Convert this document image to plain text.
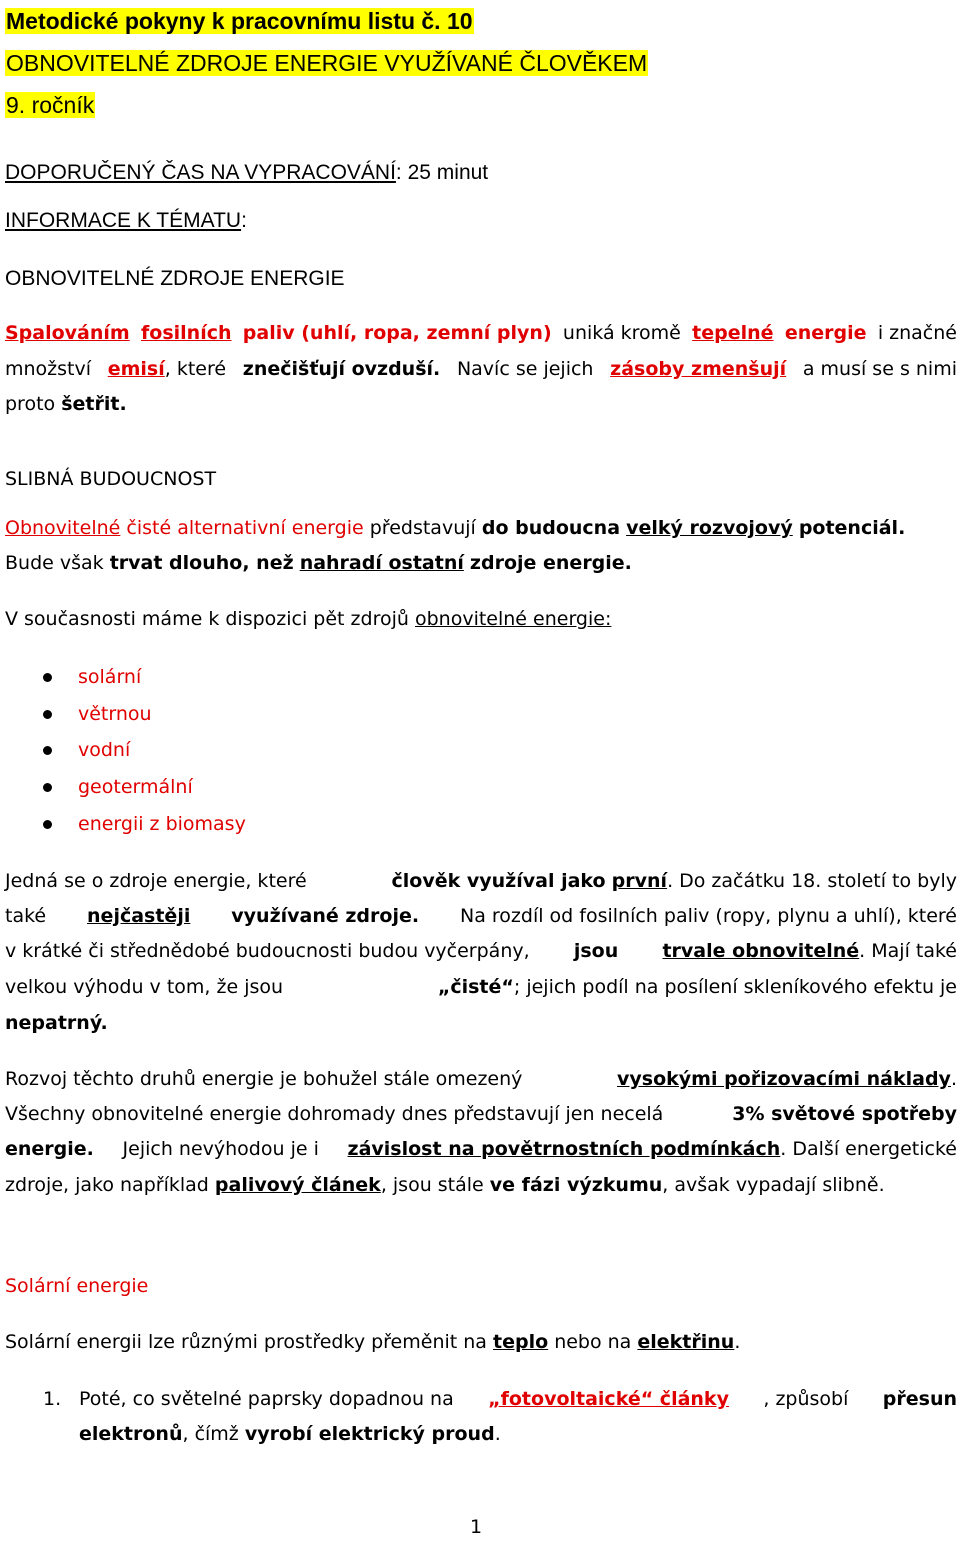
Metodické pokyny k pracovnímu listu č. 10
OBNOVITELNÉ ZDROJE ENERGIE VYUŽÍVANÉ ČLOVĚKEM
9. ročník
DOPORUČENÝ ČAS NA VYPRACOVÁNÍ: 25 minut
INFORMACE K TÉMATU:
OBNOVITELNÉ ZDROJE ENERGIE
Spalováním fosilních paliv (uhlí, ropa, zemní plyn) uniká kromě tepelné energie i značné
množství emisí, které znečišťují ovzduší. Navíc se jejich zásoby zmenšují a musí se s nimi
proto šetřit.
SLIBNÁ BUDOUCNOST
Obnovitelné čisté alternativní energie představují do budoucna velký rozvojový potenciál.
Bude však trvat dlouho, než nahradí ostatní zdroje energie.
V současnosti máme k dispozici pět zdrojů obnovitelné energie:
solární
větrnou
vodní
geotermální
energii z biomasy
Jedná se o zdroje energie, které	člověk využíval jako první. Do začátku 18. století to byly
také nejčastěji využívané zdroje. Na rozdíl od fosilních paliv (ropy, plynu a uhlí), které
v krátké či střednědobé budoucnosti budou vyčerpány, jsou trvale obnovitelné. Mají také
velkou výhodu v tom, že jsou	„čisté“; jejich podíl na posílení skleníkového efektu je
nepatrný.
Rozvoj těchto druhů energie je bohužel stále omezený	vysokými pořizovacími náklady.
Všechny obnovitelné energie dohromady dnes představují jen necelá	3% světové spotřeby
energie. Jejich nevýhodou je i závislost na povětrnostních podmínkách. Další energetické
zdroje, jako například palivový článek, jsou stále ve fázi výzkumu, avšak vypadají slibně.
Solární energie
Solární energii lze různými prostředky přeměnit na teplo nebo na elektřinu.
1. Poté, co světelné paprsky dopadnou na „fotovoltaické“ články , způsobí přesun
elektronů, čímž vyrobí elektrický proud.
1
